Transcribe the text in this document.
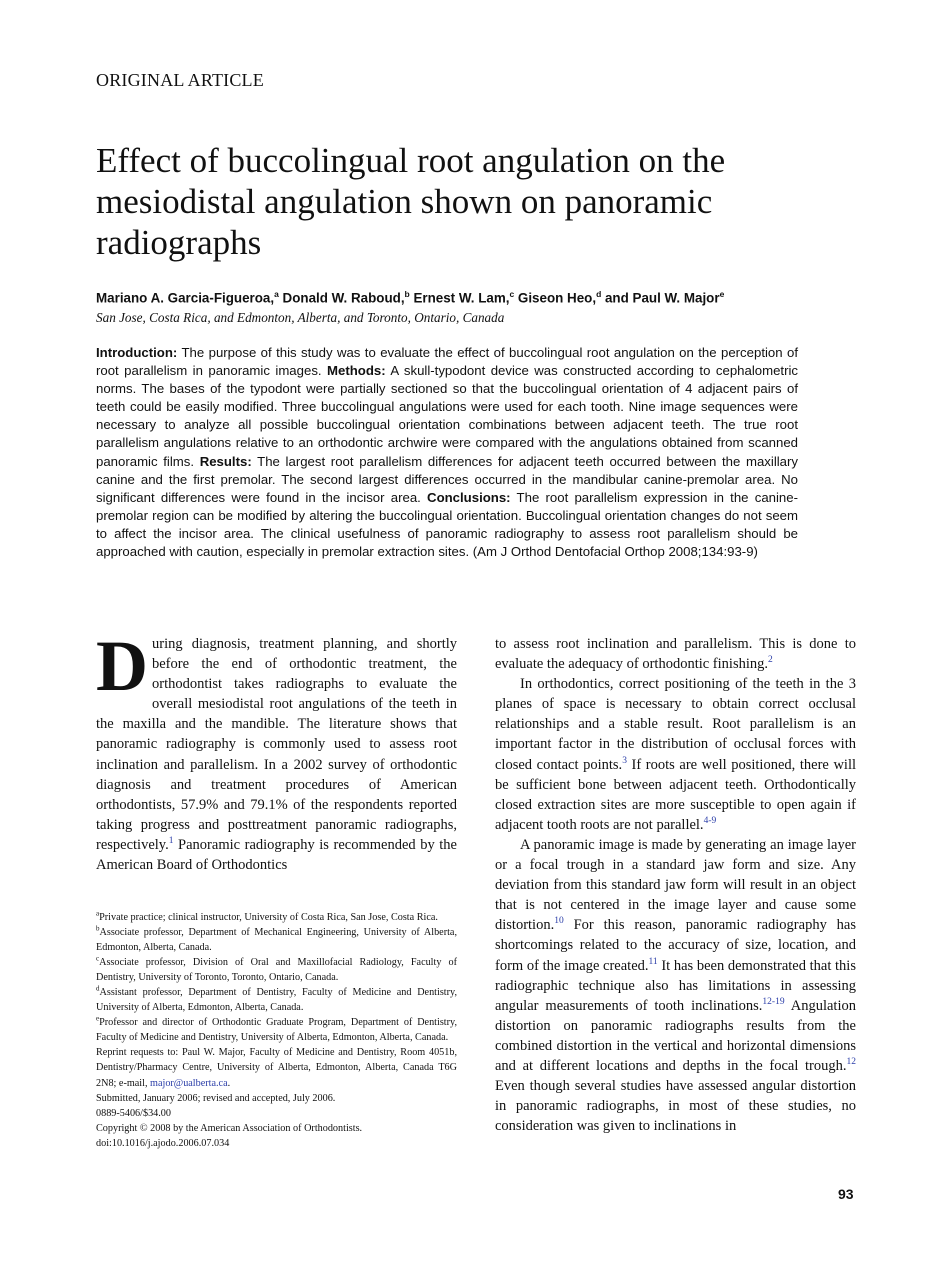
ORIGINAL ARTICLE
Effect of buccolingual root angulation on the mesiodistal angulation shown on panoramic radiographs
Mariano A. Garcia-Figueroa,$^a$ Donald W. Raboud,$^b$ Ernest W. Lam,$^c$ Giseon Heo,$^d$ and Paul W. Major$^e$
San Jose, Costa Rica, and Edmonton, Alberta, and Toronto, Ontario, Canada
Introduction: The purpose of this study was to evaluate the effect of buccolingual root angulation on the perception of root parallelism in panoramic images. Methods: A skull-typodont device was constructed according to cephalometric norms. The bases of the typodont were partially sectioned so that the buccolingual orientation of 4 adjacent pairs of teeth could be easily modified. Three buccolingual angulations were used for each tooth. Nine image sequences were necessary to analyze all possible buccolingual orientation combinations between adjacent teeth. The true root parallelism angulations relative to an orthodontic archwire were compared with the angulations obtained from scanned panoramic films. Results: The largest root parallelism differences for adjacent teeth occurred between the maxillary canine and the first premolar. The second largest differences occurred in the mandibular canine-premolar area. No significant differences were found in the incisor area. Conclusions: The root parallelism expression in the canine-premolar region can be modified by altering the buccolingual orientation. Buccolingual orientation changes do not seem to affect the incisor area. The clinical usefulness of panoramic radiography to assess root parallelism should be approached with caution, especially in premolar extraction sites. (Am J Orthod Dentofacial Orthop 2008;134:93-9)

During diagnosis, treatment planning, and shortly before the end of orthodontic treatment, the orthodontist takes radiographs to evaluate the overall mesiodistal root angulations of the teeth in the maxilla and the mandible. The literature shows that panoramic radiography is commonly used to assess root inclination and parallelism. In a 2002 survey of orthodontic diagnosis and treatment procedures of American orthodontists, 57.9% and 79.1% of the respondents reported taking progress and posttreatment panoramic radiographs, respectively.$^1$ Panoramic radiography is recommended by the American Board of Orthodontics

$^a$Private practice; clinical instructor, University of Costa Rica, San Jose, Costa Rica.

$^b$Associate professor, Department of Mechanical Engineering, University of Alberta, Edmonton, Alberta, Canada.

$^c$Associate professor, Division of Oral and Maxillofacial Radiology, Faculty of Dentistry, University of Toronto, Toronto, Ontario, Canada.

$^d$Assistant professor, Department of Dentistry, Faculty of Medicine and Dentistry, University of Alberta, Edmonton, Alberta, Canada.

$^e$Professor and director of Orthodontic Graduate Program, Department of Dentistry, Faculty of Medicine and Dentistry, University of Alberta, Edmonton, Alberta, Canada.

Reprint requests to: Paul W. Major, Faculty of Medicine and Dentistry, Room 4051b, Dentistry/Pharmacy Centre, University of Alberta, Edmonton, Alberta, Canada T6G 2N8; e-mail, major@ualberta.ca.

Submitted, January 2006; revised and accepted, July 2006.

0889-5406/$34.00

Copyright © 2008 by the American Association of Orthodontists.

doi:10.1016/j.ajodo.2006.07.034

to assess root inclination and parallelism. This is done to evaluate the adequacy of orthodontic finishing.$^2$

In orthodontics, correct positioning of the teeth in the 3 planes of space is necessary to obtain correct occlusal relationships and a stable result. Root parallelism is an important factor in the distribution of occlusal forces with closed contact points.$^3$ If roots are well positioned, there will be sufficient bone between adjacent teeth. Orthodontically closed extraction sites are more susceptible to open again if adjacent tooth roots are not parallel.$^{4-9}$

A panoramic image is made by generating an image layer or a focal trough in a standard jaw form and size. Any deviation from this standard jaw form will result in an object that is not centered in the image layer and cause some distortion.$^{10}$ For this reason, panoramic radiography has shortcomings related to the accuracy of size, location, and form of the image created.$^{11}$ It has been demonstrated that this radiographic technique also has limitations in assessing angular measurements of tooth inclinations.$^{12-19}$ Angulation distortion on panoramic radiographs results from the combined distortion in the vertical and horizontal dimensions and at different locations and depths in the focal trough.$^{12}$ Even though several studies have assessed angular distortion in panoramic radiographs, in most of these studies, no consideration was given to inclinations in

93
